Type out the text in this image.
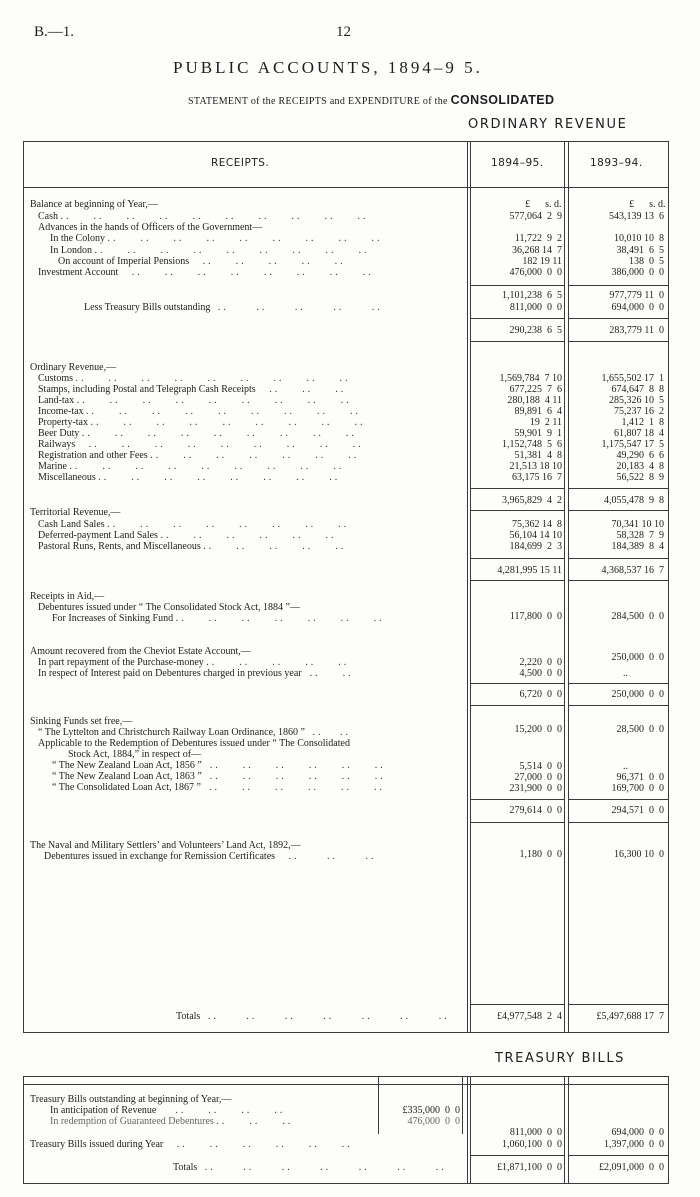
B.—1.	12
PUBLIC ACCOUNTS, 1894–9 5.
STATEMENT of the RECEIPTS and EXPENDITURE of the CONSOLIDATED
ORDINARY REVENUE
RECEIPTS.	1894–95.	1893–94.
£ s. d.	£ s. d.
Balance at beginning of Year,—
Cash ..    ..    ..    ..    ..    ..    ..    ..    ..    ..	577,064  2  9	543,139 13  6
Advances in the hands of Officers of the Government—
In the Colony ..    ..    ..    ..    ..    ..    ..    ..    ..	11,722  9  2	10,010 10  8
In London ..    ..    ..    ..    ..    ..    ..    ..    ..	36,268 14  7	38,491  6  5
On account of Imperial Pensions   ..    ..    ..    ..    ..	182 19 11	138  0  5
Investment Account   ..    ..    ..    ..    ..    ..    ..    ..	476,000  0  0	386,000  0  0
1,101,238  6  5	977,779 11  0
Less Treasury Bills outstanding ..     ..     ..     ..     ..	811,000  0  0	694,000  0  0
290,238  6  5	283,779 11  0
Ordinary Revenue,—
Customs ..    ..    ..    ..    ..    ..    ..    ..    ..	1,569,784  7 10	1,655,502 17  1
Stamps, including Postal and Telegraph Cash Receipts   ..    ..    ..	677,225  7  6	674,647  8  8
Land-tax ..    ..    ..    ..    ..    ..    ..    ..    ..	280,188  4 11	285,326 10  5
Income-tax ..    ..    ..    ..    ..    ..    ..    ..    ..	89,891  6  4	75,237 16  2
Property-tax ..    ..    ..    ..    ..    ..    ..    ..    ..	19  2 11	1,412  1  8
Beer Duty ..    ..    ..    ..    ..    ..    ..    ..    ..	59,901  9  1	61,807 18  4
Railways   ..    ..    ..    ..    ..    ..    ..    ..    ..	1,152,748  5  6	1,175,547 17  5
Registration and other Fees ..    ..    ..    ..    ..    ..    ..	51,381  4  8	49,290  6  6
Marine ..    ..    ..    ..    ..    ..    ..    ..    ..	21,513 18 10	20,183  4  8
Miscellaneous ..    ..    ..    ..    ..    ..    ..    ..	63,175 16  7	56,522  8  9
3,965,829  4  2	4,055,478  9  8
Territorial Revenue,—
Cash Land Sales ..    ..    ..    ..    ..    ..    ..    ..	75,362 14  8	70,341 10 10
Deferred-payment Land Sales ..    ..    ..    ..    ..    ..	56,104 14 10	58,328  7  9
Pastoral Runs, Rents, and Miscellaneous ..    ..    ..    ..    ..	184,699  2  3	184,389  8  4
4,281,995 15 11	4,368,537 16  7
Receipts in Aid,—
Debentures issued under “ The Consolidated Stock Act, 1884 ”—
For Increases of Sinking Fund ..    ..    ..    ..    ..    ..    ..	117,800  0  0	284,500  0  0
Amount recovered from the Cheviot Estate Account,—
In part repayment of the Purchase-money ..    ..    ..    ..    ..	2,220  0  0	250,000  0  0
In respect of Interest paid on Debentures charged in previous year  ..    ..	4,500  0  0	..
6,720  0  0	250,000  0  0
Sinking Funds set free,—
“ The Lyttelton and Christchurch Railway Loan Ordinance, 1860 ” ..   ..	15,200  0  0	28,500  0  0
Applicable to the Redemption of Debentures issued under “ The Consolidated
Stock Act, 1884,” in respect of—
“ The New Zealand Loan Act, 1856 ”  ..    ..    ..    ..    ..    ..	5,514  0  0	..
“ The New Zealand Loan Act, 1863 ”  ..    ..    ..    ..    ..    ..	27,000  0  0	96,371  0  0
“ The Consolidated Loan Act, 1867 ”  ..    ..    ..    ..    ..    ..	231,900  0  0	169,700  0  0
279,614  0  0	294,571  0  0
The Naval and Military Settlers’ and Volunteers’ Land Act, 1892,—
Debentures issued in exchange for Remission Certificates   ..     ..     ..	1,180  0  0	16,300 10  0
Totals ..     ..     ..     ..     ..     ..     ..	£4,977,548  2  4	£5,497,688 17  7
TREASURY BILLS
Treasury Bills outstanding at beginning of Year,—
In anticipation of Revenue    ..    ..    ..    ..	£335,000  0  0
In redemption of Guaranteed Debentures ..    ..    ..	476,000  0  0
811,000  0  0	694,000  0  0
Treasury Bills issued during Year   ..    ..    ..    ..    ..    ..	1,060,100  0  0	1,397,000  0  0
Totals ..     ..     ..     ..     ..     ..     ..	£1,871,100  0  0	£2,091,000  0  0
